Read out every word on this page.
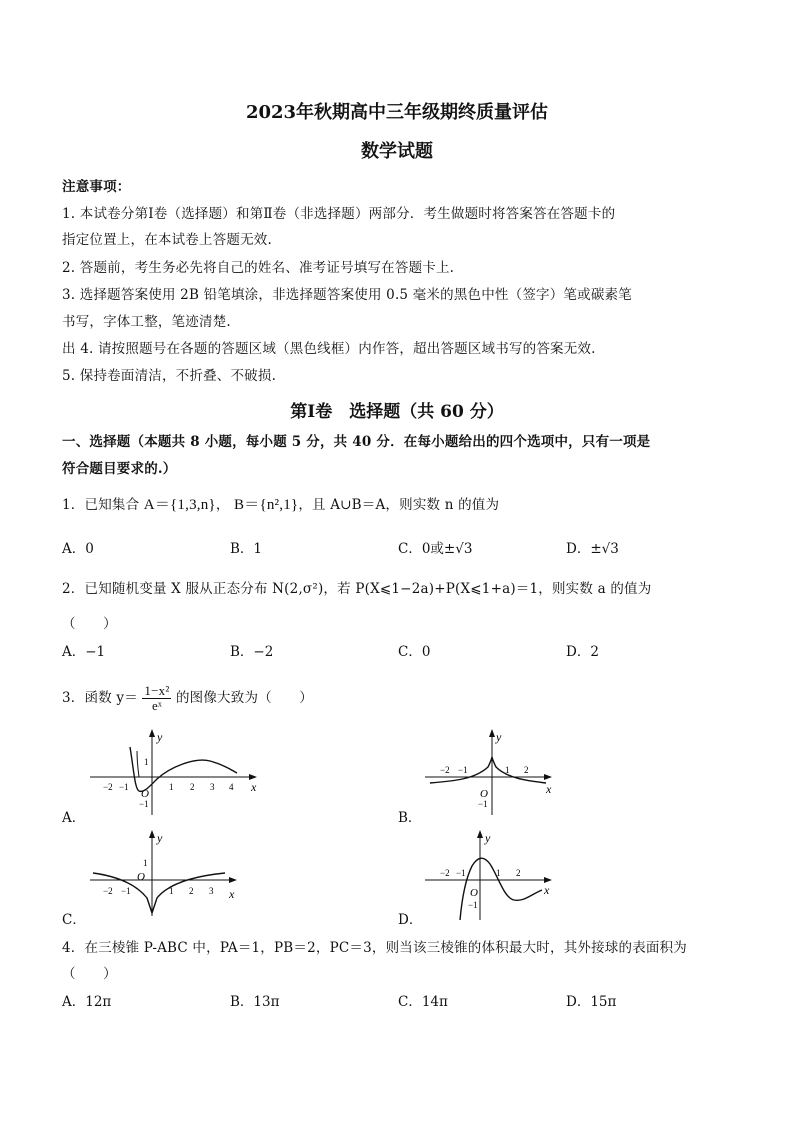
2023年秋期高中三年级期终质量评估
数学试题
注意事项：
1. 本试卷分第Ⅰ卷（选择题）和第Ⅱ卷（非选择题）两部分．考生做题时将答案答在答题卡的
指定位置上，在本试卷上答题无效.
2. 答题前，考生务必先将自己的姓名、准考证号填写在答题卡上.
3. 选择题答案使用 2B 铅笔填涂，非选择题答案使用 0.5 毫米的黑色中性（签字）笔或碳素笔
书写，字体工整，笔迹清楚.
出 4. 请按照题号在各题的答题区域（黑色线框）内作答，超出答题区域书写的答案无效.
5. 保持卷面清洁，不折叠、不破损.
第Ⅰ卷　选择题（共 60 分）
一、选择题（本题共 8 小题，每小题 5 分，共 40 分．在每小题给出的四个选项中，只有一项是
符合题目要求的.）
1．已知集合 A＝{1,3,n}， B＝{n²,1}，且 A∪B＝A，则实数 n 的值为
A．0	B．1	C．0或±√3	D．±√3
2．已知随机变量 X 服从正态分布 N(2,σ²)，若 P(X⩽1−2a)+P(X⩽1+a)＝1，则实数 a 的值为
（　　）
A．−1	B．−2	C．0	D．2
3．函数 $y= \frac{\text{1−x²}}{\text{eˣ}}$ 的图像大致为（　　）
y
x
O
−2 −1	1 2 3 4
1
−1
A．
y
x
O
−2 −1	1 2
−1
B．
y
x
O
−2 −1	1 2 3
1
C．
y
x
O
−2 −1	1 2
−1
D．
4．在三棱锥 P-ABC 中，PA＝1，PB＝2，PC＝3，则当该三棱锥的体积最大时，其外接球的表面积为
（　　）
A．12π	B．13π	C．14π	D．15π
